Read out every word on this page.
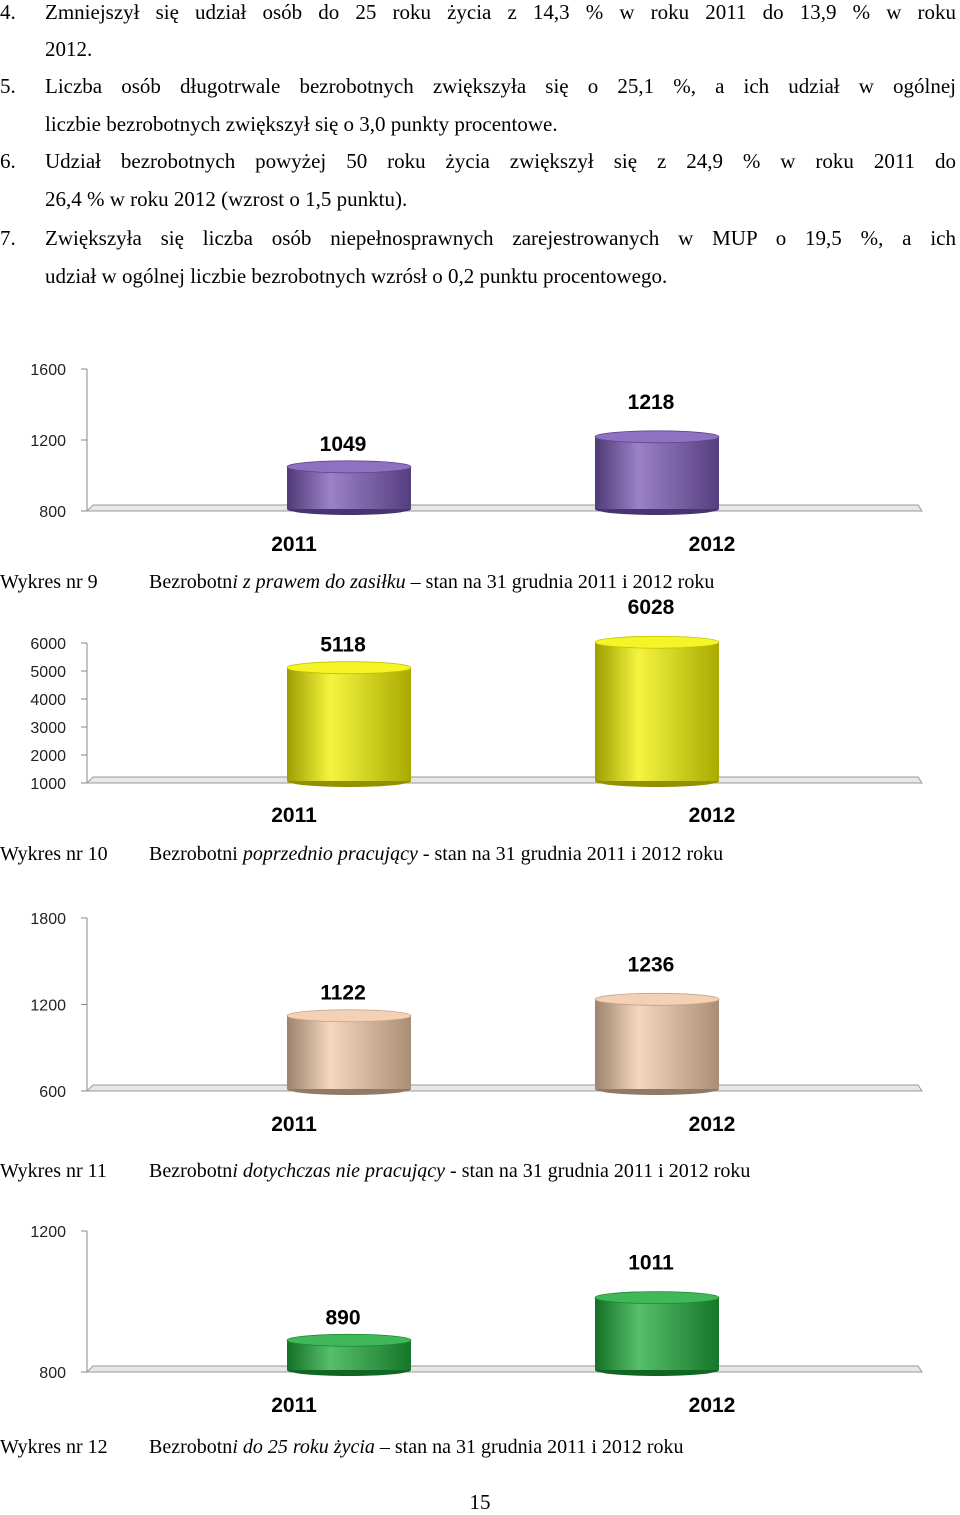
4. Zmniejszył się udział osób do 25 roku życia z 14,3 % w roku 2011 do 13,9 % w roku
2012.
5. Liczba osób długotrwale bezrobotnych zwiększyła się o 25,1 %, a ich udział w ogólnej
liczbie bezrobotnych zwiększył się o 3,0 punkty procentowe.
6. Udział bezrobotnych powyżej 50 roku życia zwiększył się z 24,9 % w roku 2011 do
26,4 % w roku 2012 (wzrost o 1,5 punktu).
7. Zwiększyła się liczba osób niepełnosprawnych zarejestrowanych w MUP o 19,5 %, a ich
udział w ogólnej liczbie bezrobotnych wzrósł o 0,2 punktu procentowego.
800
1200
1600
1049
2011
1218
2012
Wykres nr 9	Bezrobotni z prawem do zasiłku – stan na 31 grudnia 2011 i 2012 roku
1000
2000
3000
4000
5000
6000	5118
2011
6028
2012
Wykres nr 10 Bezrobotni poprzednio pracujący - stan na 31 grudnia 2011 i 2012 roku
600
1200
1800
1122
2011
1236
2012
Wykres nr 11 Bezrobotni dotychczas nie pracujący - stan na 31 grudnia 2011 i 2012 roku
800
1200
890
2011
1011
2012
Wykres nr 12 Bezrobotni do 25 roku życia – stan na 31 grudnia 2011 i 2012 roku
15
